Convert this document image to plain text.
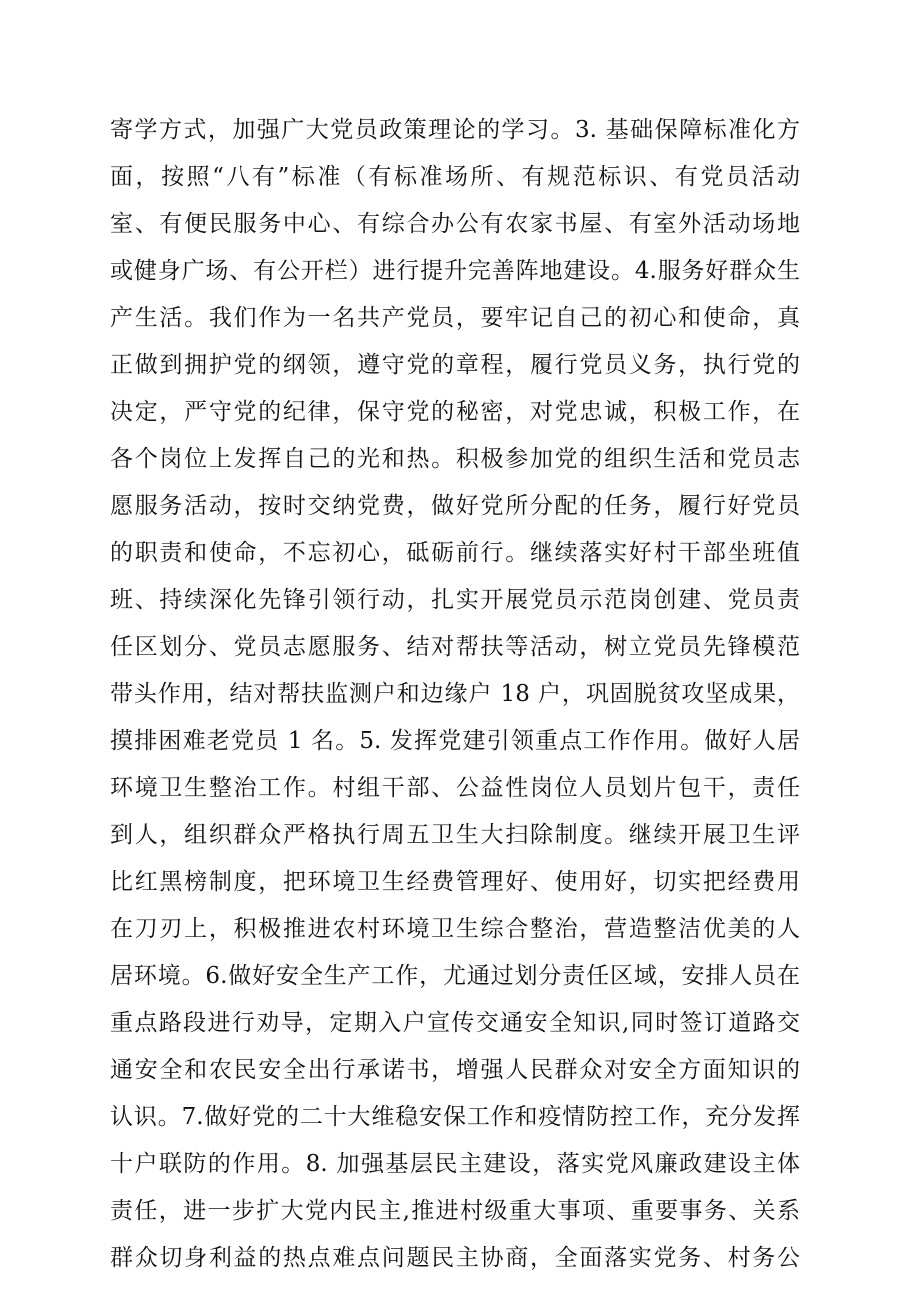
寄学方式，加强广大党员政策理论的学习。3. 基础保障标准化方
面，按照“八有”标准（有标准场所、有规范标识、有党员活动
室、有便民服务中心、有综合办公有农家书屋、有室外活动场地
或健身广场、有公开栏）进行提升完善阵地建设。4.服务好群众生
产生活。我们作为一名共产党员，要牢记自己的初心和使命，真
正做到拥护党的纲领，遵守党的章程，履行党员义务，执行党的
决定，严守党的纪律，保守党的秘密，对党忠诚，积极工作，在
各个岗位上发挥自己的光和热。积极参加党的组织生活和党员志
愿服务活动，按时交纳党费，做好党所分配的任务，履行好党员
的职责和使命，不忘初心，砥砺前行。继续落实好村干部坐班值
班、持续深化先锋引领行动，扎实开展党员示范岗创建、党员责
任区划分、党员志愿服务、结对帮扶等活动，树立党员先锋模范
带头作用，结对帮扶监测户和边缘户 18 户，巩固脱贫攻坚成果，
摸排困难老党员 1 名。5. 发挥党建引领重点工作作用。做好人居
环境卫生整治工作。村组干部、公益性岗位人员划片包干，责任
到人，组织群众严格执行周五卫生大扫除制度。继续开展卫生评
比红黑榜制度，把环境卫生经费管理好、使用好，切实把经费用
在刀刃上，积极推进农村环境卫生综合整治，营造整洁优美的人
居环境。6.做好安全生产工作，尤通过划分责任区域，安排人员在
重点路段进行劝导，定期入户宣传交通安全知识,同时签订道路交
通安全和农民安全出行承诺书，增强人民群众对安全方面知识的
认识。7.做好党的二十大维稳安保工作和疫情防控工作，充分发挥
十户联防的作用。8. 加强基层民主建设，落实党风廉政建设主体
责任，进一步扩大党内民主,推进村级重大事项、重要事务、关系
群众切身利益的热点难点问题民主协商，全面落实党务、村务公
